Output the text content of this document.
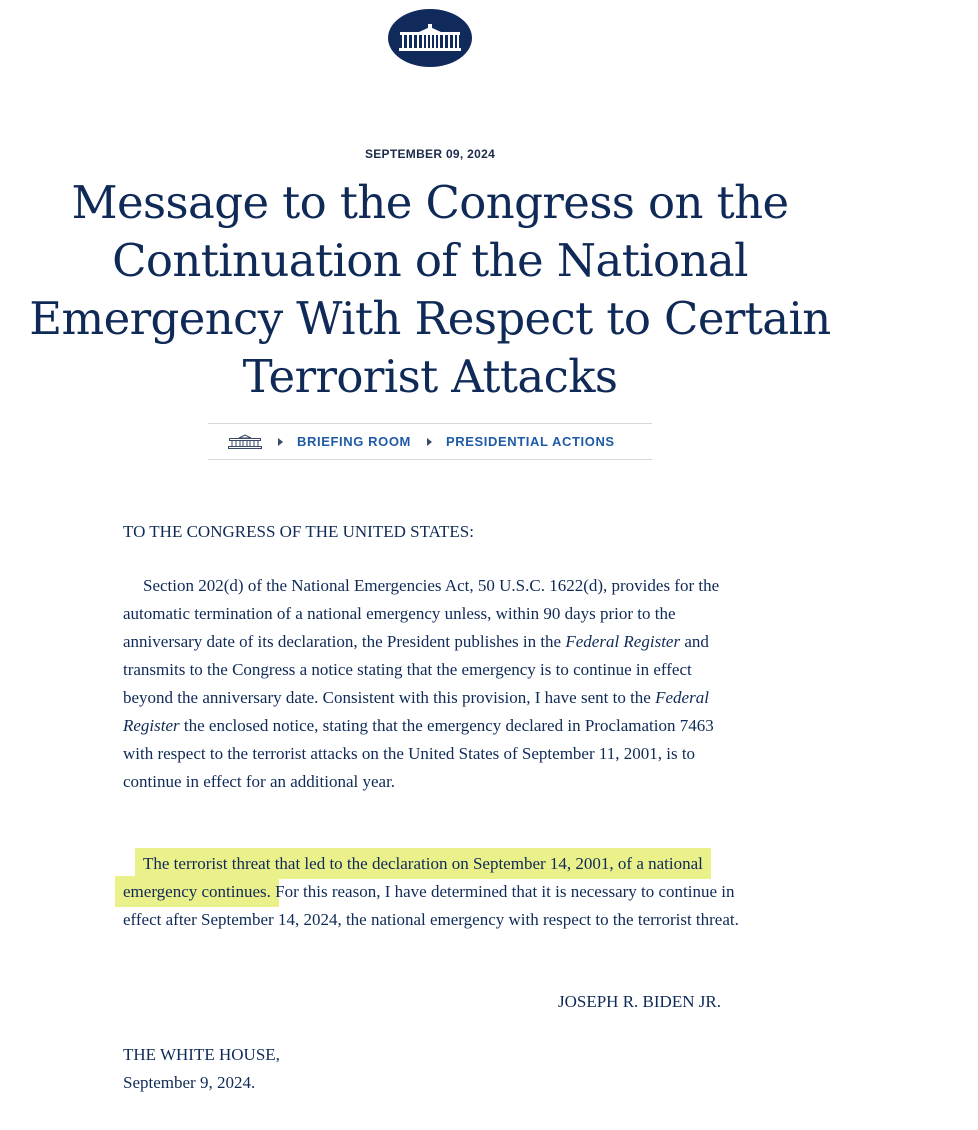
SEPTEMBER 09, 2024
Message to the Congress on the Continuation of the National Emergency With Respect to Certain Terrorist Attacks
BRIEFING ROOM	PRESIDENTIAL ACTIONS
TO THE CONGRESS OF THE UNITED STATES:

Section 202(d) of the National Emergencies Act, 50 U.S.C. 1622(d), provides for the automatic termination of a national emergency unless, within 90 days prior to the anniversary date of its declaration, the President publishes in the Federal Register and transmits to the Congress a notice stating that the emergency is to continue in effect beyond the anniversary date. Consistent with this provision, I have sent to the Federal Register the enclosed notice, stating that the emergency declared in Proclamation 7463 with respect to the terrorist attacks on the United States of September 11, 2001, is to continue in effect for an additional year.

The terrorist threat that led to the declaration on September 14, 2001, of a national emergency continues. For this reason, I have determined that it is necessary to continue in effect after September 14, 2024, the national emergency with respect to the terrorist threat.

JOSEPH R. BIDEN JR.
THE WHITE HOUSE,
September 9, 2024.
